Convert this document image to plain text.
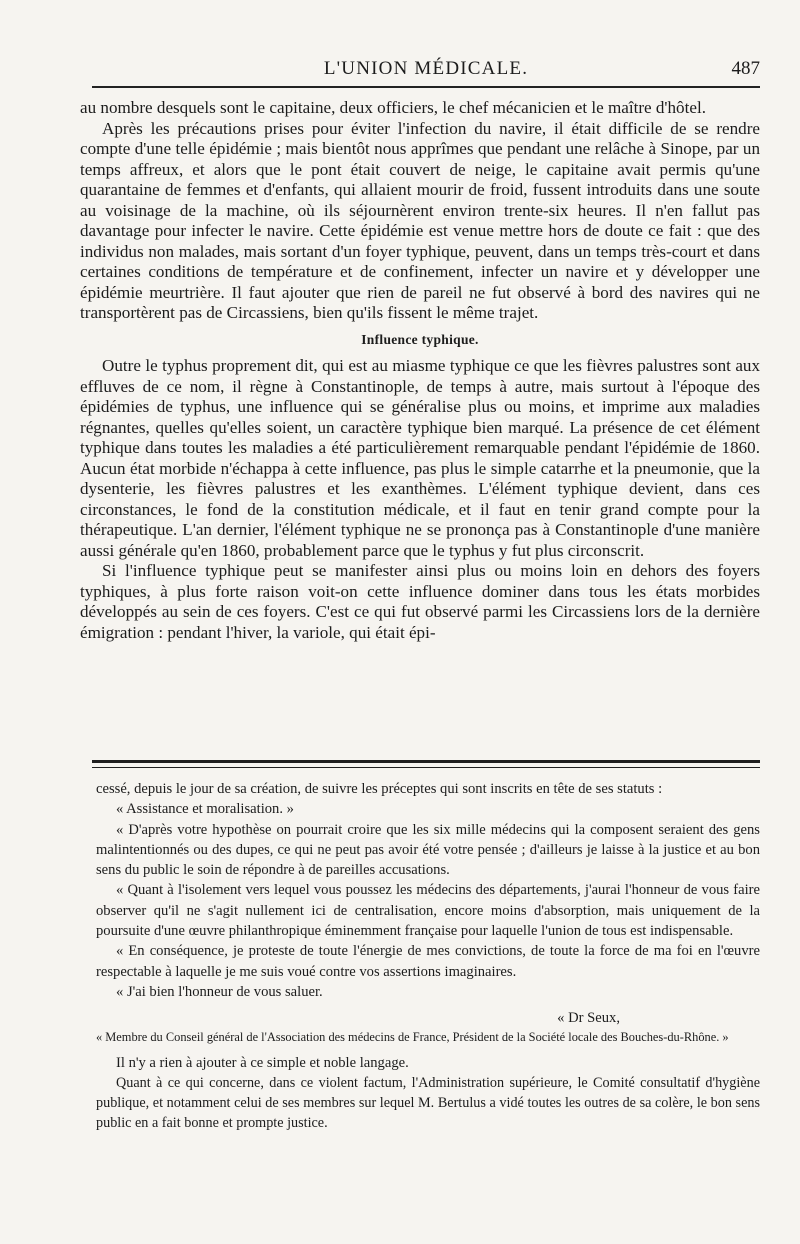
L'UNION MÉDICALE.	487

au nombre desquels sont le capitaine, deux officiers, le chef mécanicien et le maître d'hôtel.

Après les précautions prises pour éviter l'infection du navire, il était difficile de se rendre compte d'une telle épidémie ; mais bientôt nous apprîmes que pendant une relâche à Sinope, par un temps affreux, et alors que le pont était couvert de neige, le capitaine avait permis qu'une quarantaine de femmes et d'enfants, qui allaient mourir de froid, fussent introduits dans une soute au voisinage de la machine, où ils séjournèrent environ trente-six heures. Il n'en fallut pas davantage pour infecter le navire. Cette épidémie est venue mettre hors de doute ce fait : que des individus non malades, mais sortant d'un foyer typhique, peuvent, dans un temps très-court et dans certaines conditions de température et de confinement, infecter un navire et y développer une épidémie meurtrière. Il faut ajouter que rien de pareil ne fut observé à bord des navires qui ne transportèrent pas de Circassiens, bien qu'ils fissent le même trajet.

Influence typhique.

Outre le typhus proprement dit, qui est au miasme typhique ce que les fièvres palustres sont aux effluves de ce nom, il règne à Constantinople, de temps à autre, mais surtout à l'époque des épidémies de typhus, une influence qui se généralise plus ou moins, et imprime aux maladies régnantes, quelles qu'elles soient, un caractère typhique bien marqué. La présence de cet élément typhique dans toutes les maladies a été particulièrement remarquable pendant l'épidémie de 1860. Aucun état morbide n'échappa à cette influence, pas plus le simple catarrhe et la pneumonie, que la dysenterie, les fièvres palustres et les exanthèmes. L'élément typhique devient, dans ces circonstances, le fond de la constitution médicale, et il faut en tenir grand compte pour la thérapeutique. L'an dernier, l'élément typhique ne se prononça pas à Constantinople d'une manière aussi générale qu'en 1860, probablement parce que le typhus y fut plus circonscrit.

Si l'influence typhique peut se manifester ainsi plus ou moins loin en dehors des foyers typhiques, à plus forte raison voit-on cette influence dominer dans tous les états morbides développés au sein de ces foyers. C'est ce qui fut observé parmi les Circassiens lors de la dernière émigration : pendant l'hiver, la variole, qui était épi-

cessé, depuis le jour de sa création, de suivre les préceptes qui sont inscrits en tête de ses statuts :

« Assistance et moralisation. »

« D'après votre hypothèse on pourrait croire que les six mille médecins qui la composent seraient des gens malintentionnés ou des dupes, ce qui ne peut pas avoir été votre pensée ; d'ailleurs je laisse à la justice et au bon sens du public le soin de répondre à de pareilles accusations.

« Quant à l'isolement vers lequel vous poussez les médecins des départements, j'aurai l'honneur de vous faire observer qu'il ne s'agit nullement ici de centralisation, encore moins d'absorption, mais uniquement de la poursuite d'une œuvre philanthropique éminemment française pour laquelle l'union de tous est indispensable.

« En conséquence, je proteste de toute l'énergie de mes convictions, de toute la force de ma foi en l'œuvre respectable à laquelle je me suis voué contre vos assertions imaginaires.

« J'ai bien l'honneur de vous saluer.

« Dr Seux,

« Membre du Conseil général de l'Association des médecins de France, Président de la Société locale des Bouches-du-Rhône. »

Il n'y a rien à ajouter à ce simple et noble langage.

Quant à ce qui concerne, dans ce violent factum, l'Administration supérieure, le Comité consultatif d'hygiène publique, et notamment celui de ses membres sur lequel M. Bertulus a vidé toutes les outres de sa colère, le bon sens public en a fait bonne et prompte justice.
